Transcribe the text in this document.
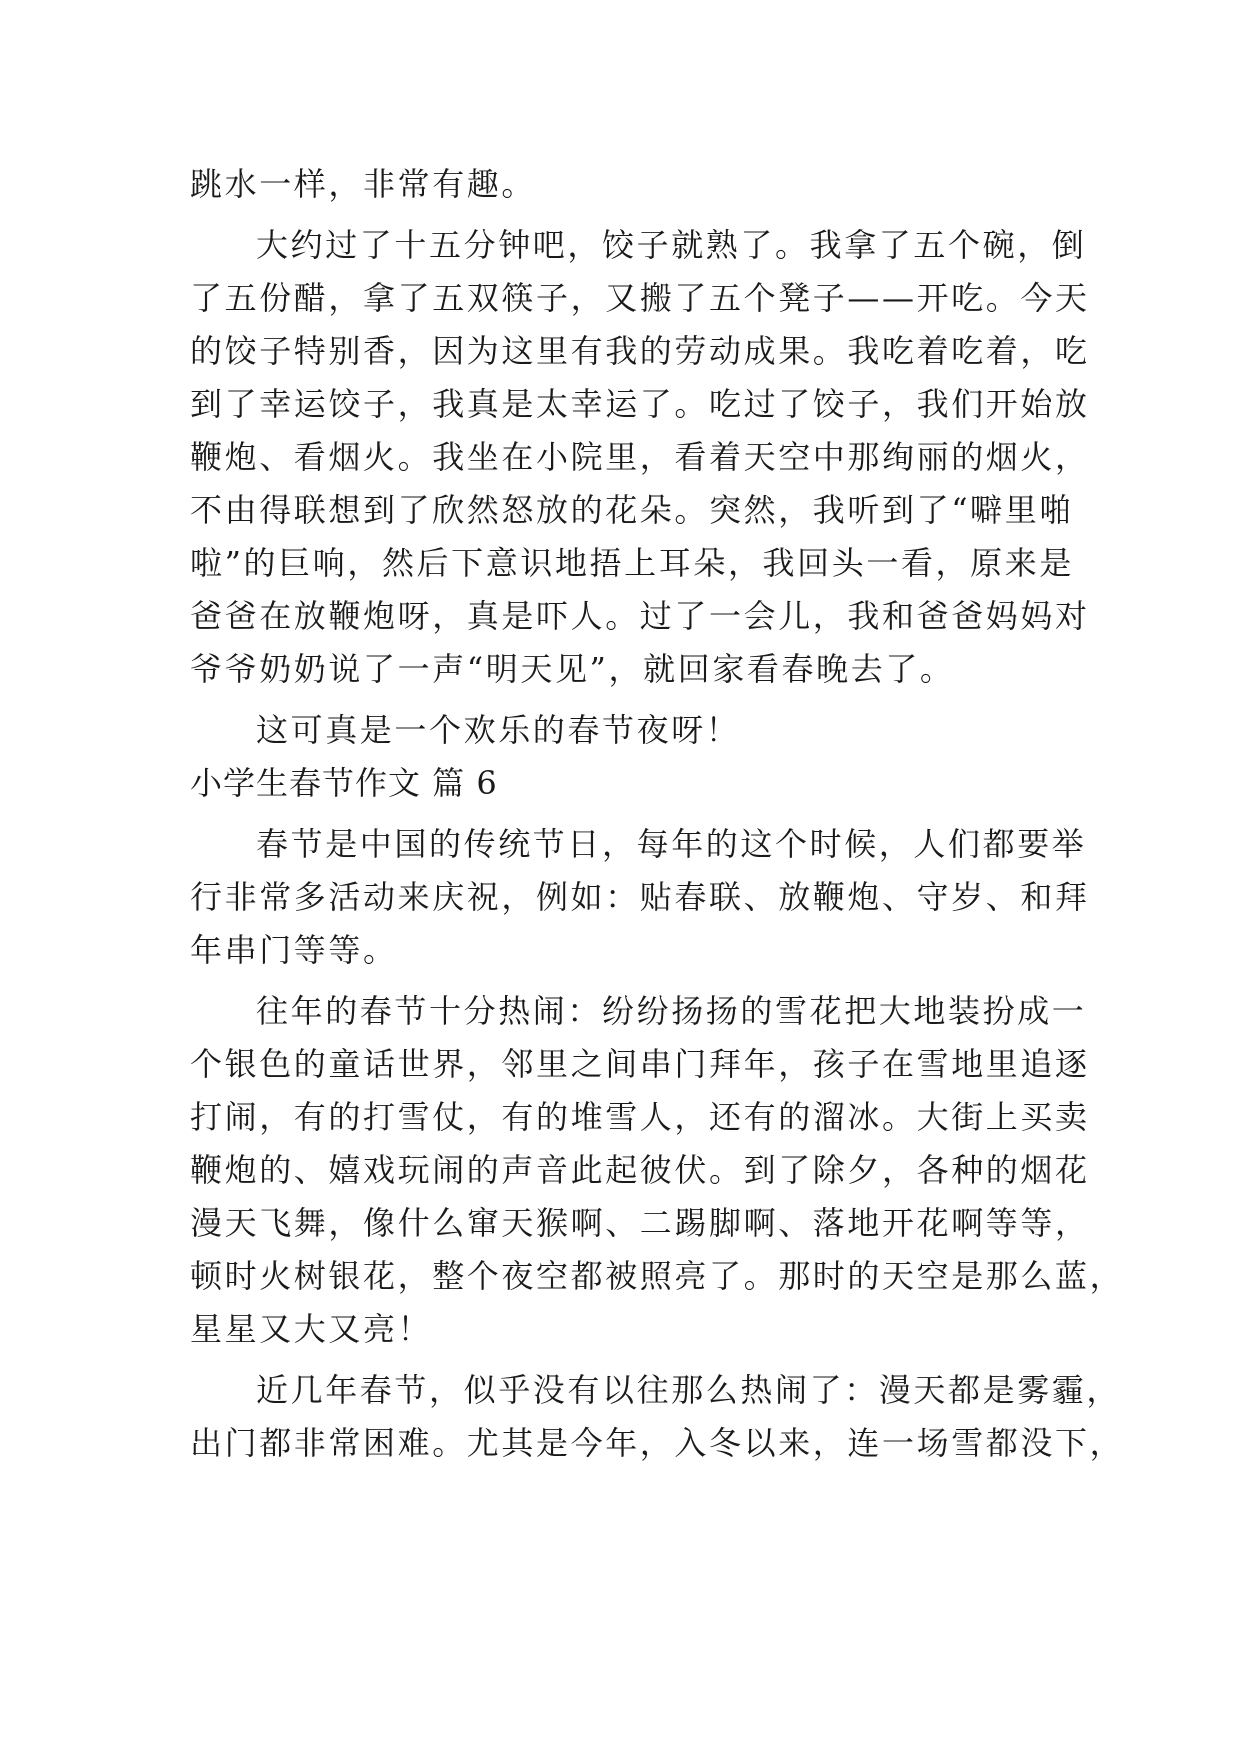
跳水一样，非常有趣。

大约过了十五分钟吧，饺子就熟了。我拿了五个碗，倒

了五份醋，拿了五双筷子，又搬了五个凳子——开吃。今天

的饺子特别香，因为这里有我的劳动成果。我吃着吃着，吃

到了幸运饺子，我真是太幸运了。吃过了饺子，我们开始放

鞭炮、看烟火。我坐在小院里，看着天空中那绚丽的烟火，

不由得联想到了欣然怒放的花朵。突然，我听到了“噼里啪

啦”的巨响，然后下意识地捂上耳朵，我回头一看，原来是

爸爸在放鞭炮呀，真是吓人。过了一会儿，我和爸爸妈妈对

爷爷奶奶说了一声“明天见”，就回家看春晚去了。

这可真是一个欢乐的春节夜呀！

小学生春节作文 篇 6

春节是中国的传统节日，每年的这个时候，人们都要举

行非常多活动来庆祝，例如：贴春联、放鞭炮、守岁、和拜

年串门等等。

往年的春节十分热闹：纷纷扬扬的雪花把大地装扮成一

个银色的童话世界，邻里之间串门拜年，孩子在雪地里追逐

打闹，有的打雪仗，有的堆雪人，还有的溜冰。大街上买卖

鞭炮的、嬉戏玩闹的声音此起彼伏。到了除夕，各种的烟花

漫天飞舞，像什么窜天猴啊、二踢脚啊、落地开花啊等等，

顿时火树银花，整个夜空都被照亮了。那时的天空是那么蓝，

星星又大又亮！

近几年春节，似乎没有以往那么热闹了：漫天都是雾霾，

出门都非常困难。尤其是今年，入冬以来，连一场雪都没下，
